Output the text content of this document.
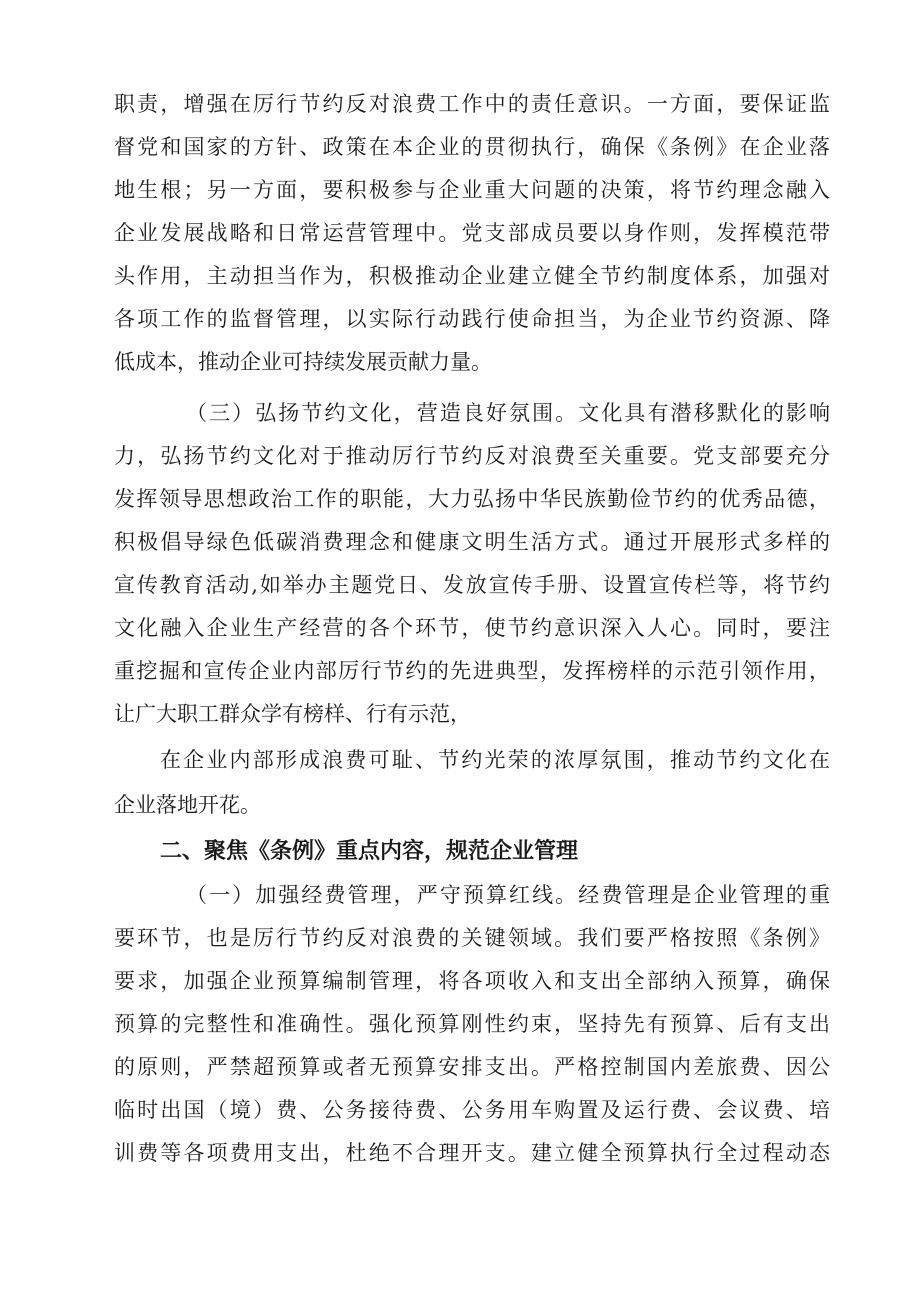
职责，增强在厉行节约反对浪费工作中的责任意识。一方面，要保证监
督党和国家的方针、政策在本企业的贯彻执行，确保《条例》在企业落
地生根；另一方面，要积极参与企业重大问题的决策，将节约理念融入
企业发展战略和日常运营管理中。党支部成员要以身作则，发挥模范带
头作用，主动担当作为，积极推动企业建立健全节约制度体系，加强对
各项工作的监督管理，以实际行动践行使命担当，为企业节约资源、降
低成本，推动企业可持续发展贡献力量。
（三）弘扬节约文化，营造良好氛围。文化具有潜移默化的影响
力，弘扬节约文化对于推动厉行节约反对浪费至关重要。党支部要充分
发挥领导思想政治工作的职能，大力弘扬中华民族勤俭节约的优秀品德，
积极倡导绿色低碳消费理念和健康文明生活方式。通过开展形式多样的
宣传教育活动,如举办主题党日、发放宣传手册、设置宣传栏等，将节约
文化融入企业生产经营的各个环节，使节约意识深入人心。同时，要注
重挖掘和宣传企业内部厉行节约的先进典型，发挥榜样的示范引领作用，
让广大职工群众学有榜样、行有示范，
在企业内部形成浪费可耻、节约光荣的浓厚氛围，推动节约文化在
企业落地开花。
二、聚焦《条例》重点内容，规范企业管理
（一）加强经费管理，严守预算红线。经费管理是企业管理的重
要环节，也是厉行节约反对浪费的关键领域。我们要严格按照《条例》
要求，加强企业预算编制管理，将各项收入和支出全部纳入预算，确保
预算的完整性和准确性。强化预算刚性约束，坚持先有预算、后有支出
的原则，严禁超预算或者无预算安排支出。严格控制国内差旅费、因公
临时出国（境）费、公务接待费、公务用车购置及运行费、会议费、培
训费等各项费用支出，杜绝不合理开支。建立健全预算执行全过程动态
